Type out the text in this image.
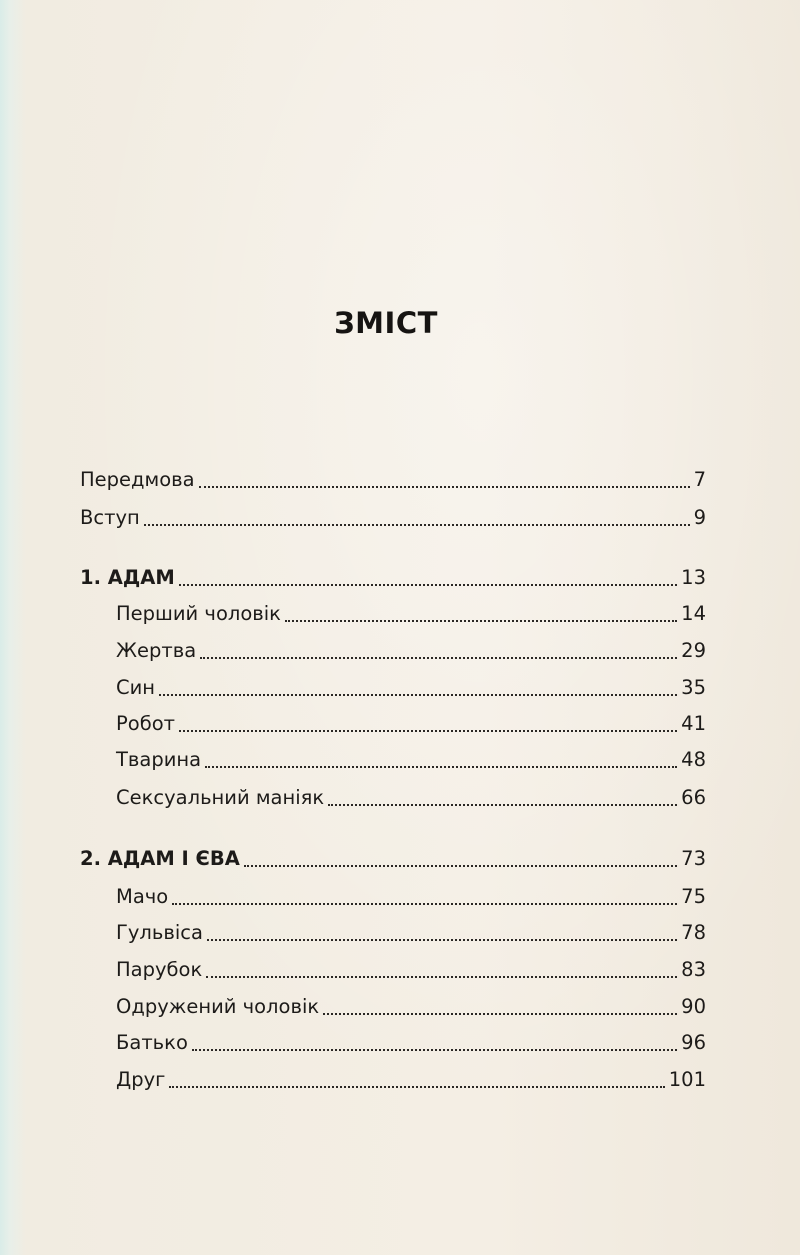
ЗМІСТ
Передмова	7
Вступ	9
1. АДАМ	13
Перший чоловік	14
Жертва	29
Син	35
Робот	41
Тварина	48
Сексуальний маніяк	66
2. АДАМ І ЄВА	73
Мачо	75
Гульвіса	78
Парубок	83
Одружений чоловік	90
Батько	96
Друг	101
